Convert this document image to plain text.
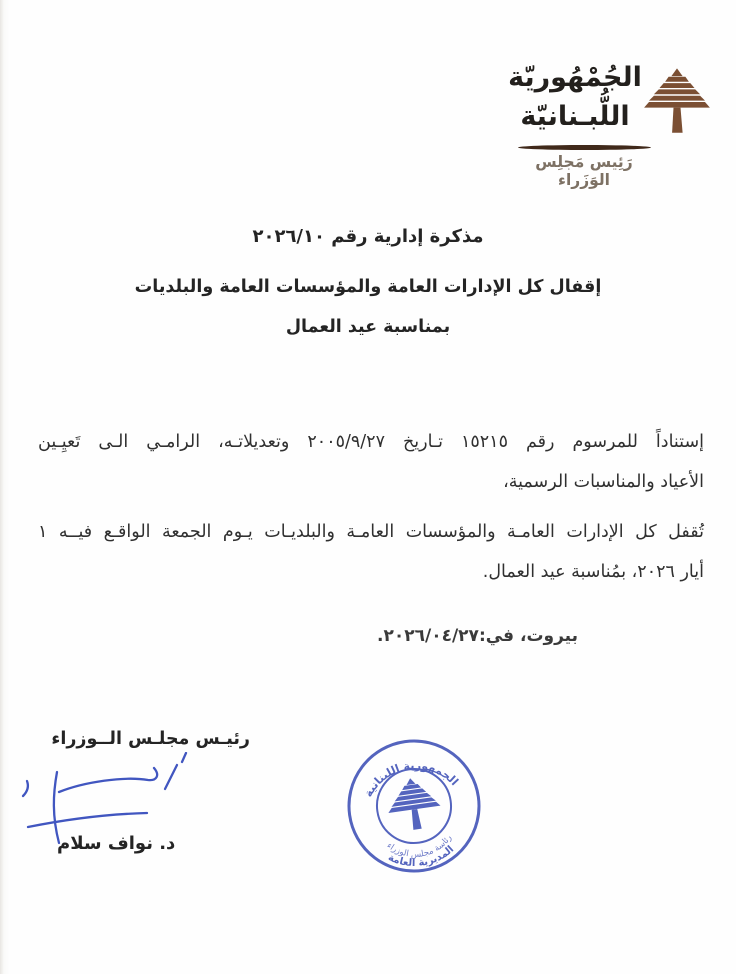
الجُمْهُوريّة
اللُّبـنانيّة
رَئِيس مَجلِس الوَزَراء
مذكرة إدارية رقم ٢٠٢٦/١٠
إقفال كل الإدارات العامة والمؤسسات العامة والبلديات
بمناسبة عيد العمال
إستناداً للمرسوم رقم ١٥٢١٥ تـاريخ ٢٠٠٥/٩/٢٧ وتعديلاتـه، الرامـي الـى تَعيِـين
الأعياد والمناسبات الرسمية،
تُقفل كل الإدارات العامـة والمؤسسات العامـة والبلديـات يـوم الجمعة الواقـع فيــه ١
أيار ٢٠٢٦، بمُناسبة عيد العمال.
بيروت، في:٢٠٢٦/٠٤/٢٧.
رئيـس مجلـس الــوزراء
د. نواف سلام
الجمهورية اللبنانية
رئاسة مجلس الوزراء
المديرية العامة
